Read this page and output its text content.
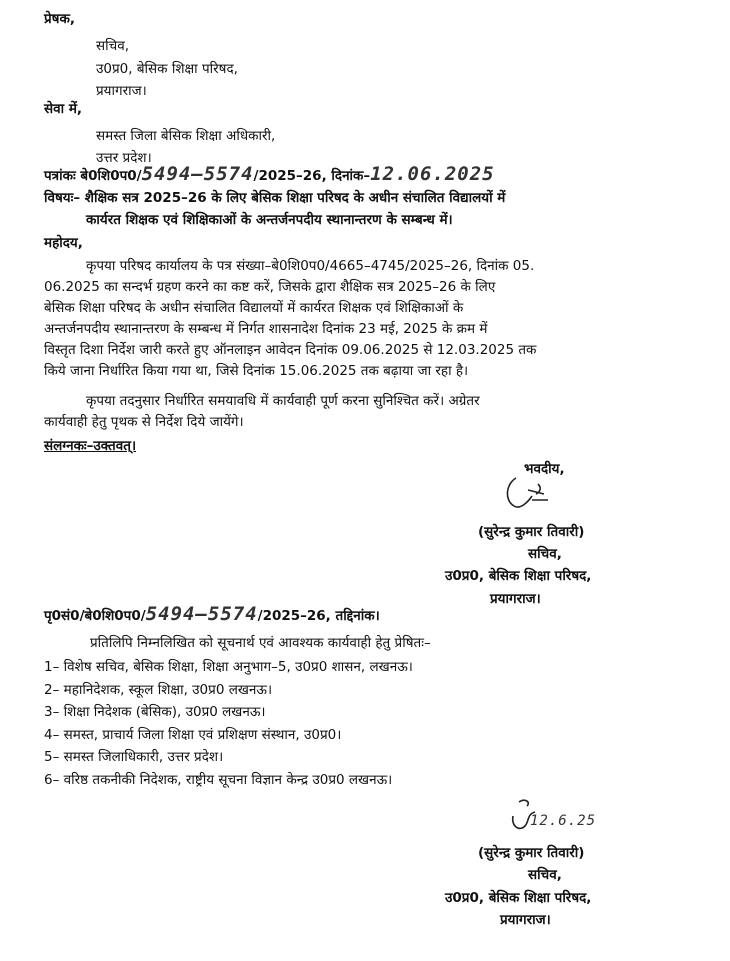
प्रेषक,
सचिव,
उ0प्र0, बेसिक शिक्षा परिषद,
प्रयागराज।
सेवा में,
समस्त जिला बेसिक शिक्षा अधिकारी,
उत्तर प्रदेश।
पत्रांकः बे0शि0प0/5494–5574/2025–26, दिनांक–12.06.2025
विषयः– शैक्षिक सत्र 2025–26 के लिए बेसिक शिक्षा परिषद के अधीन संचालित विद्यालयों में
कार्यरत शिक्षक एवं शिक्षिकाओं के अन्तर्जनपदीय स्थानान्तरण के सम्बन्ध में।
महोदय,
कृपया परिषद कार्यालय के पत्र संख्या–बे0शि0प0/4665–4745/2025–26, दिनांक 05.
06.2025 का सन्दर्भ ग्रहण करने का कष्ट करें, जिसके द्वारा शैक्षिक सत्र 2025–26 के लिए
बेसिक शिक्षा परिषद के अधीन संचालित विद्यालयों में कार्यरत शिक्षक एवं शिक्षिकाओं के
अन्तर्जनपदीय स्थानान्तरण के सम्बन्ध में निर्गत शासनादेश दिनांक 23 मई, 2025 के क्रम में
विस्तृत दिशा निर्देश जारी करते हुए ऑनलाइन आवेदन दिनांक 09.06.2025 से 12.03.2025 तक
किये जाना निर्धारित किया गया था, जिसे दिनांक 15.06.2025 तक बढ़ाया जा रहा है।
कृपया तदनुसार निर्धारित समयावधि में कार्यवाही पूर्ण करना सुनिश्चित करें। अग्रेतर
कार्यवाही हेतु पृथक से निर्देश दिये जायेंगे।
संलग्नकः–उक्तवत्।
भवदीय,
(सुरेन्द्र कुमार तिवारी)
सचिव,
उ0प्र0, बेसिक शिक्षा परिषद,
प्रयागराज।
पृ0सं0/बे0शि0प0/5494–5574/2025–26, तद्दिनांक।
प्रतिलिपि निम्नलिखित को सूचनार्थ एवं आवश्यक कार्यवाही हेतु प्रेषितः–
1– विशेष सचिव, बेसिक शिक्षा, शिक्षा अनुभाग–5, उ0प्र0 शासन, लखनऊ।
2– महानिदेशक, स्कूल शिक्षा, उ0प्र0 लखनऊ।
3– शिक्षा निदेशक (बेसिक), उ0प्र0 लखनऊ।
4– समस्त, प्राचार्य जिला शिक्षा एवं प्रशिक्षण संस्थान, उ0प्र0।
5– समस्त जिलाधिकारी, उत्तर प्रदेश।
6– वरिष्ठ तकनीकी निदेशक, राष्ट्रीय सूचना विज्ञान केन्द्र उ0प्र0 लखनऊ।
12.6.25
(सुरेन्द्र कुमार तिवारी)
सचिव,
उ0प्र0, बेसिक शिक्षा परिषद,
प्रयागराज।
